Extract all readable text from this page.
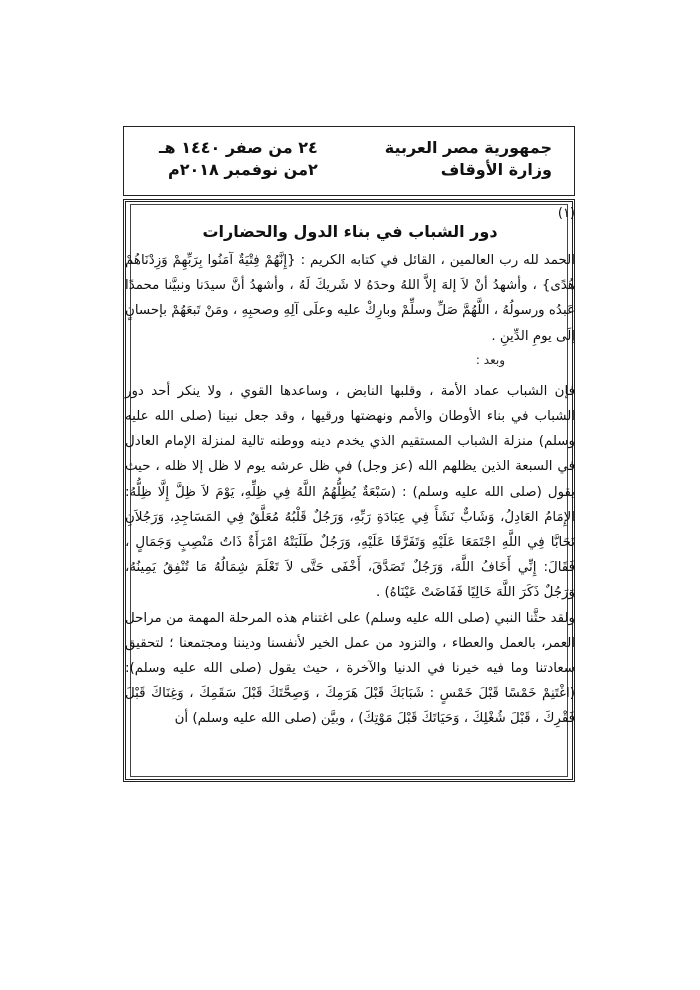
جمهورية مصر العربية
وزارة الأوقاف
٢٤ من صفر ١٤٤٠ هـ
٢من نوفمبر ٢٠١٨م
(١)
دور الشباب في بناء الدول والحضارات

الحمد لله رب العالمين ، القائل في كتابه الكريم : {إِنَّهُمْ فِتْيَةٌ آمَنُوا بِرَبِّهِمْ وَزِدْنَاهُمْ هُدًى} ، وأشهدُ أنْ لاَ إلهَ إلاَّ اللهُ وحدَهُ لا شَريكَ لَهُ ، وأشهدُ أنَّ سيدَنا ونبيَّنا محمدًا عَبدُه ورسولُهُ ، اللَّهُمَّ صَلِّ وسلِّمْ وبارِكْ عليه وعلَى آلِهِ وصحبِهِ ، ومَنْ تَبعَهُمْ بإحسانٍ إلَى يومِ الدِّينِ .

وبعد :

فإن الشباب عماد الأمة ، وقلبها النابض ، وساعدها القوي ، ولا ينكر أحد دور الشباب في بناء الأوطان والأمم ونهضتها ورقيها ، وقد جعل نبينا (صلى الله عليه وسلم) منزلة الشباب المستقيم الذي يخدم دينه ووطنه تالية لمنزلة الإمام العادل في السبعة الذين يظلهم الله (عز وجل) في ظل عرشه يوم لا ظل إلا ظله ، حيث يقول (صلى الله عليه وسلم) : (سَبْعَةٌ يُظِلُّهُمُ اللَّهُ فِي ظِلِّهِ، يَوْمَ لاَ ظِلَّ إِلَّا ظِلُّهُ: الإِمَامُ العَادِلُ، وَشَابٌّ نَشَأَ فِي عِبَادَةِ رَبِّهِ، وَرَجُلٌ قَلْبُهُ مُعَلَّقٌ فِي المَسَاجِدِ، وَرَجُلاَنِ تَحَابَّا فِي اللَّهِ اجْتَمَعَا عَلَيْهِ وَتَفَرَّقَا عَلَيْهِ، وَرَجُلٌ طَلَبَتْهُ امْرَأَةٌ ذَاتُ مَنْصِبٍ وَجَمَالٍ ، فَقَالَ: إِنِّي أَخَافُ اللَّهَ، وَرَجُلٌ تَصَدَّقَ، أَخْفَى حَتَّى لاَ تَعْلَمَ شِمَالُهُ مَا تُنْفِقُ يَمِينُهُ، وَرَجُلٌ ذَكَرَ اللَّهَ خَالِيًا فَفَاضَتْ عَيْنَاهُ) .

ولقد حثَّنا النبي (صلى الله عليه وسلم) على اغتنام هذه المرحلة المهمة من مراحل العمر، بالعمل والعطاء ، والتزود من عمل الخير لأنفسنا وديننا ومجتمعنا ؛ لتحقيق سعادتنا وما فيه خيرنا في الدنيا والآخرة ، حيث يقول (صلى الله عليه وسلم): (اغْتَنِمْ خَمْسًا قَبْلَ خَمْسٍ : شَبَابَكَ قَبْلَ هَرَمِكَ ، وَصِحَّتَكَ قَبْلَ سَقَمِكَ ، وَغِنَاكَ قَبْلَ فَقْرِكَ ، قَبْلَ شُغْلِكَ ، وَحَيَاتَكَ قَبْلَ مَوْتِكَ) ، وبيَّن (صلى الله عليه وسلم) أن
